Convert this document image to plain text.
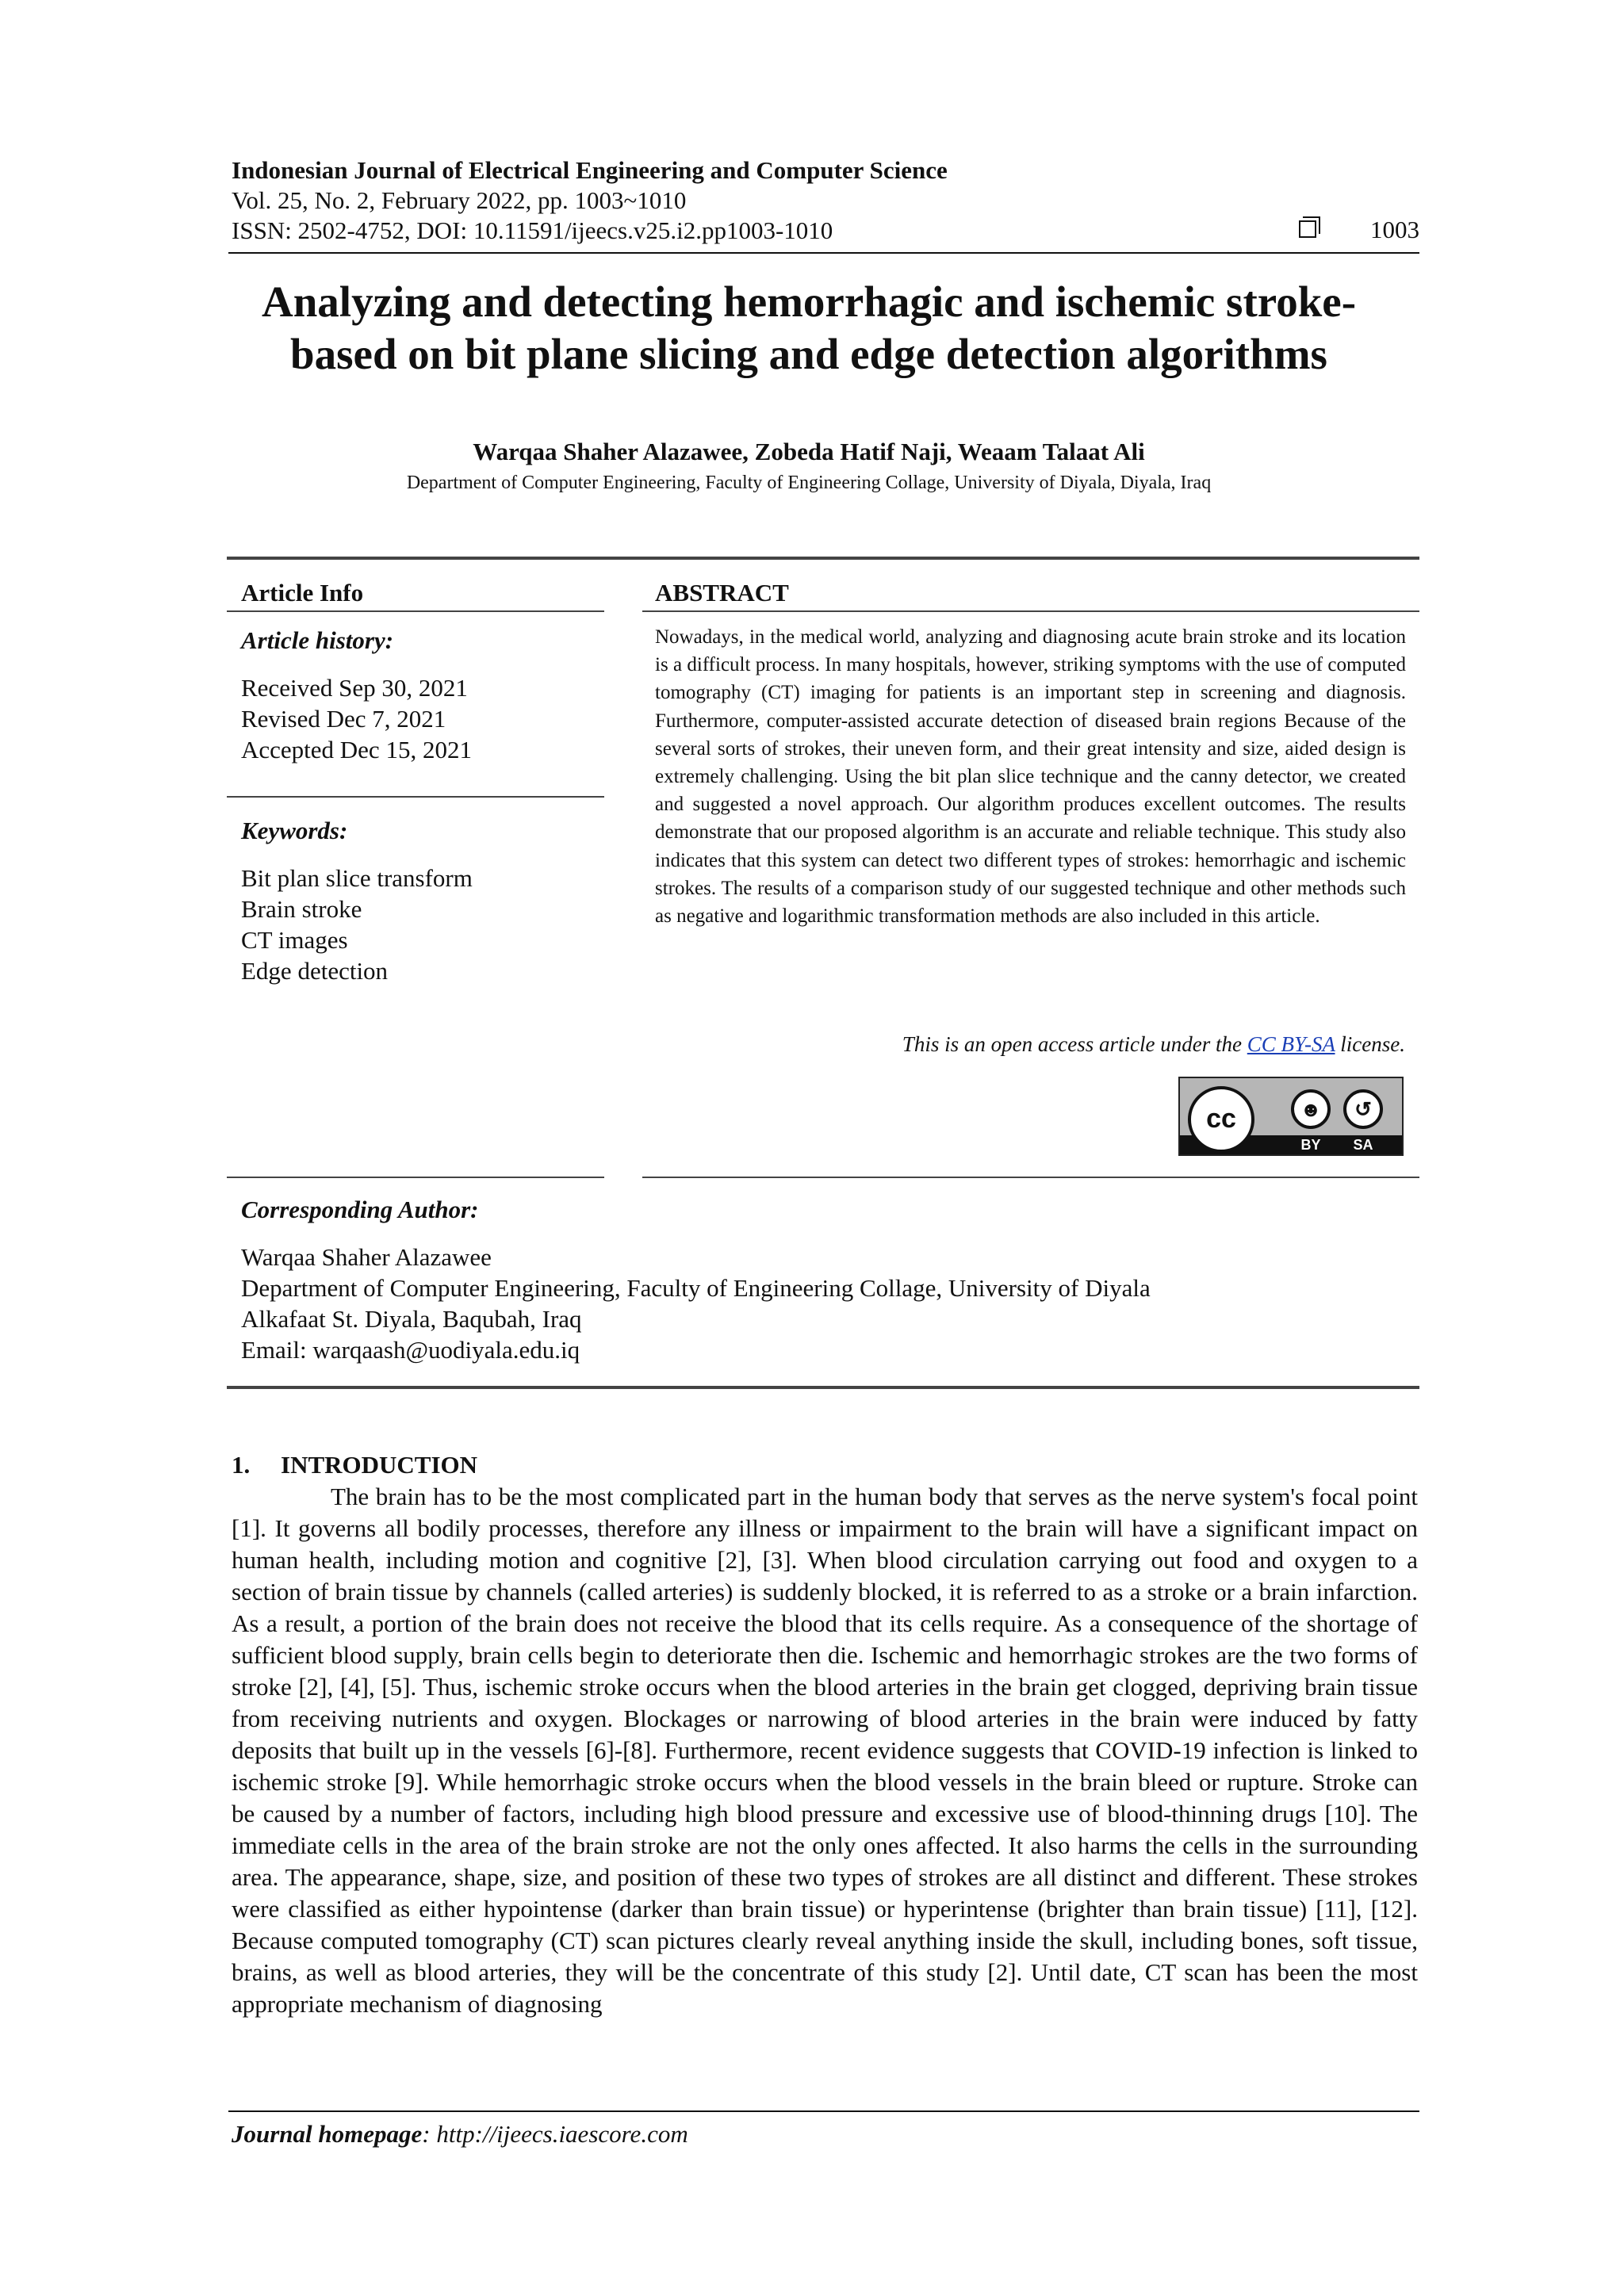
Indonesian Journal of Electrical Engineering and Computer Science
Vol. 25, No. 2, February 2022, pp. 1003~1010
ISSN: 2502-4752, DOI: 10.11591/ijeecs.v25.i2.pp1003-1010	1003
Analyzing and detecting hemorrhagic and ischemic stroke-
based on bit plane slicing and edge detection algorithms
Warqaa Shaher Alazawee, Zobeda Hatif Naji, Weaam Talaat Ali
Department of Computer Engineering, Faculty of Engineering Collage, University of Diyala, Diyala, Iraq
Article Info
Article history:
Received Sep 30, 2021
Revised Dec 7, 2021
Accepted Dec 15, 2021
Keywords:
Bit plan slice transform
Brain stroke
CT images
Edge detection
ABSTRACT
Nowadays, in the medical world, analyzing and diagnosing acute brain stroke and its location is a difficult process. In many hospitals, however, striking symptoms with the use of computed tomography (CT) imaging for patients is an important step in screening and diagnosis. Furthermore, computer-assisted accurate detection of diseased brain regions Because of the several sorts of strokes, their uneven form, and their great intensity and size, aided design is extremely challenging. Using the bit plan slice technique and the canny detector, we created and suggested a novel approach. Our algorithm produces excellent outcomes. The results demonstrate that our proposed algorithm is an accurate and reliable technique. This study also indicates that this system can detect two different types of strokes: hemorrhagic and ischemic strokes. The results of a comparison study of our suggested technique and other methods such as negative and logarithmic transformation methods are also included in this article.
This is an open access article under the CC BY-SA license.
cc	☻	↺
BY	SA
Corresponding Author:
Warqaa Shaher Alazawee
Department of Computer Engineering, Faculty of Engineering Collage, University of Diyala
Alkafaat St. Diyala, Baqubah, Iraq
Email: warqaash@uodiyala.edu.iq
1.     INTRODUCTION

The brain has to be the most complicated part in the human body that serves as the nerve system's focal point [1]. It governs all bodily processes, therefore any illness or impairment to the brain will have a significant impact on human health, including motion and cognitive [2], [3]. When blood circulation carrying out food and oxygen to a section of brain tissue by channels (called arteries) is suddenly blocked, it is referred to as a stroke or a brain infarction. As a result, a portion of the brain does not receive the blood that its cells require. As a consequence of the shortage of sufficient blood supply, brain cells begin to deteriorate then die. Ischemic and hemorrhagic strokes are the two forms of stroke [2], [4], [5]. Thus, ischemic stroke occurs when the blood arteries in the brain get clogged, depriving brain tissue from receiving nutrients and oxygen. Blockages or narrowing of blood arteries in the brain were induced by fatty deposits that built up in the vessels [6]-[8]. Furthermore, recent evidence suggests that COVID-19 infection is linked to ischemic stroke [9]. While hemorrhagic stroke occurs when the blood vessels in the brain bleed or rupture. Stroke can be caused by a number of factors, including high blood pressure and excessive use of blood-thinning drugs [10]. The immediate cells in the area of the brain stroke are not the only ones affected. It also harms the cells in the surrounding area. The appearance, shape, size, and position of these two types of strokes are all distinct and different. These strokes were classified as either hypointense (darker than brain tissue) or hyperintense (brighter than brain tissue) [11], [12]. Because computed tomography (CT) scan pictures clearly reveal anything inside the skull, including bones, soft tissue, brains, as well as blood arteries, they will be the concentrate of this study [2]. Until date, CT scan has been the most appropriate mechanism of diagnosing

Journal homepage: http://ijeecs.iaescore.com
